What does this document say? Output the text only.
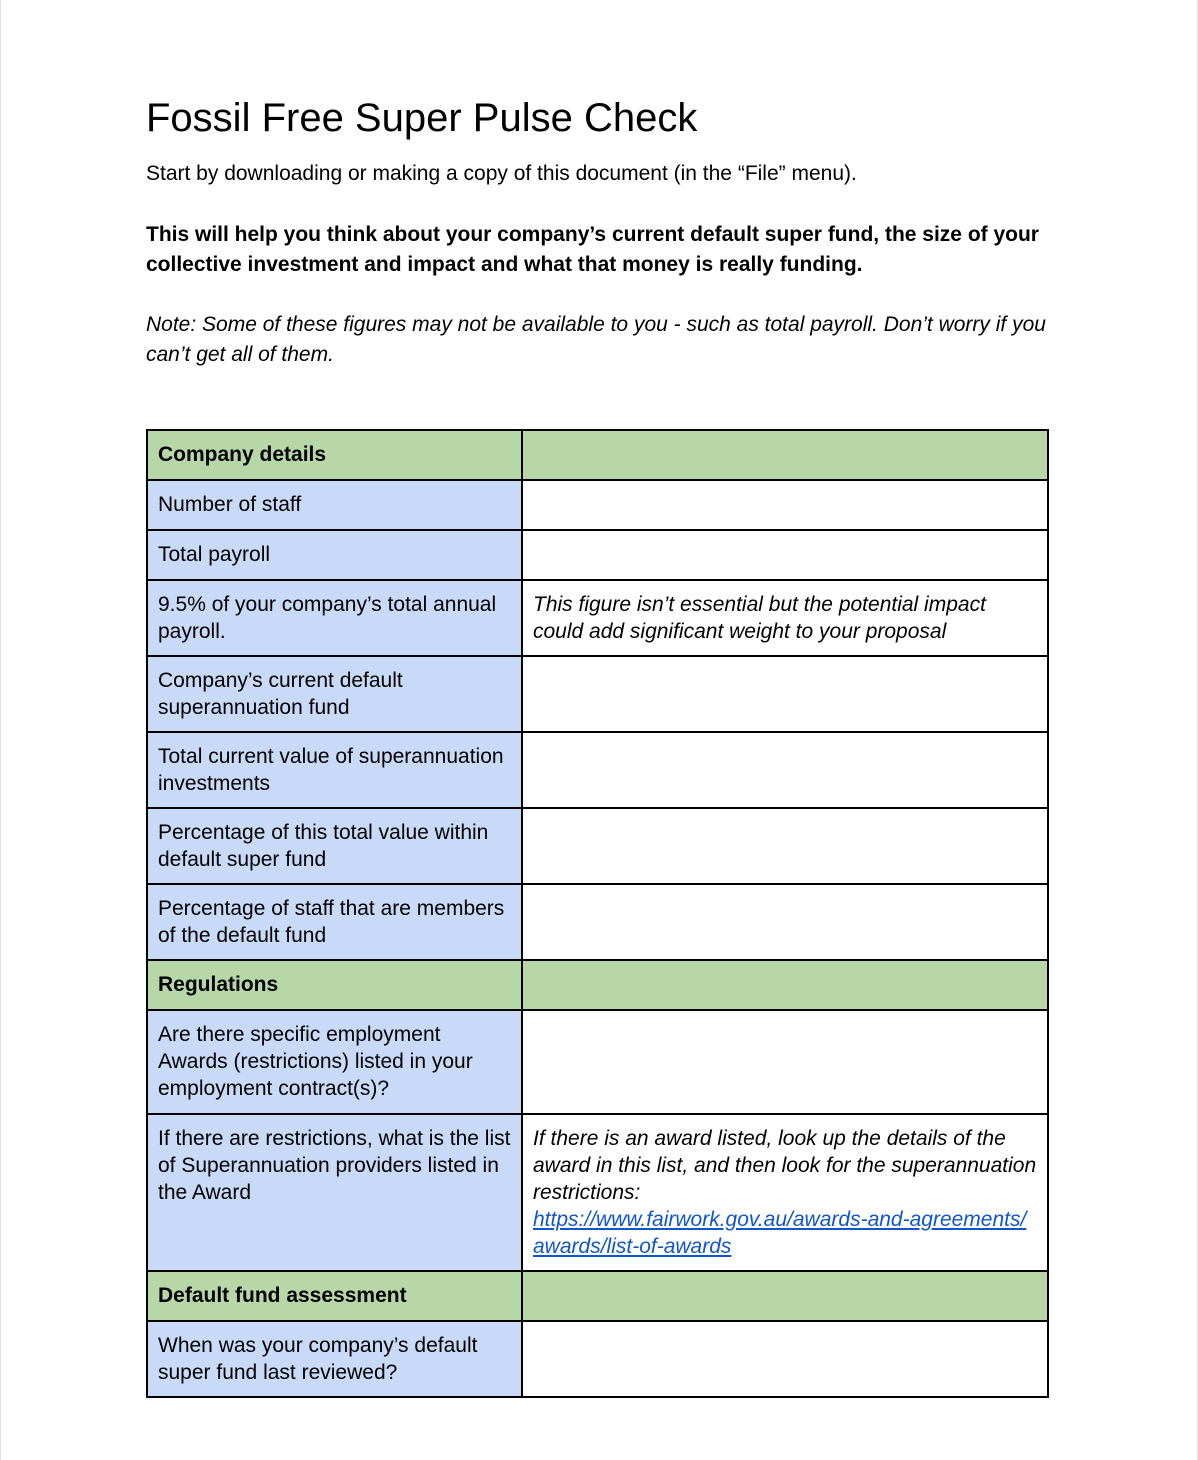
Fossil Free Super Pulse Check

Start by downloading or making a copy of this document (in the “File” menu).

This will help you think about your company’s current default super fund, the size of your collective investment and impact and what that money is really funding.

Note: Some of these figures may not be available to you - such as total payroll. Don’t worry if you can’t get all of them.

Company details	
Number of staff	
Total payroll	
9.5% of your company’s total annual payroll.	This figure isn’t essential but the potential impact could add significant weight to your proposal
Company’s current default superannuation fund	
Total current value of superannuation investments	
Percentage of this total value within default super fund	
Percentage of staff that are members of the default fund	
Regulations	
Are there specific employment Awards (restrictions) listed in your employment contract(s)?	
If there are restrictions, what is the list of Superannuation providers listed in the Award	If there is an award listed, look up the details of the award in this list, and then look for the superannuation restrictions:
https://www.fairwork.gov.au/awards-and-agreements/awards/list-of-awards
Default fund assessment	
When was your company’s default super fund last reviewed?	
